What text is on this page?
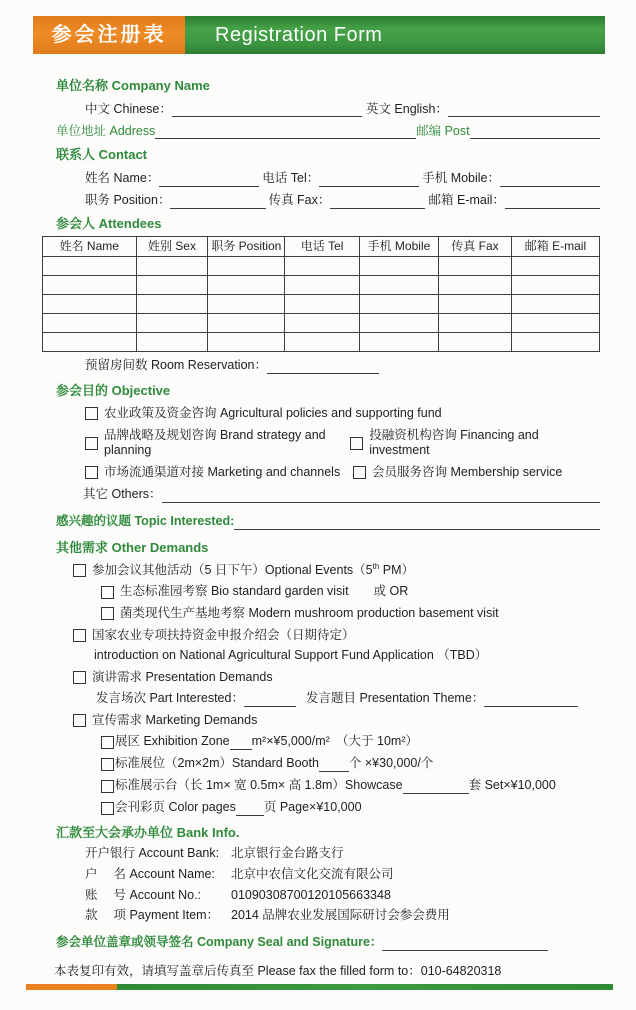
参会注册表	Registration Form
单位名称 Company Name
中文 Chinese：	英文 English：
单位地址 Address	邮编 Post
联系人 Contact
姓名 Name：	电话 Tel：	手机 Mobile：
职务 Position：	传真 Fax：	邮箱 E-mail：
参会人 Attendees
姓名 Name	姓别 Sex	职务 Position	电话 Tel	手机 Mobile	传真 Fax	邮箱 E-mail

预留房间数 Room Reservation：
参会目的 Objective
农业政策及资金咨询 Agricultural policies and supporting fund
品牌战略及规划咨询 Brand strategy and planning
投融资机构咨询 Financing and investment
市场流通渠道对接 Marketing and channels	会员服务咨询 Membership service
其它 Others：
感兴趣的议题 Topic Interested:
其他需求 Other Demands
参加会议其他活动（5 日下午）Optional Events（5th PM）
生态标准园考察 Bio standard garden visit　　或 OR
菌类现代生产基地考察 Modern mushroom production basement visit
国家农业专项扶持资金申报介绍会（日期待定）
introduction on National Agricultural Support Fund Application （TBD）
演讲需求 Presentation Demands
发言场次 Part Interested：	发言题目 Presentation Theme：
宣传需求 Marketing Demands
展区 Exhibition Zone m²×¥5,000/m²　（大于 10m²）
标准展位（2m×2m）Standard Booth 个 ×¥30,000/个
标准展示台（长 1m× 宽 0.5m× 高 1.8m）Showcase	套 Set×¥10,000
会刊彩页 Color pages 页 Page×¥10,000
汇款至大会承办单位 Bank Info.
开户银行 Account Bank: 北京银行金台路支行
户　 名 Account Name:	北京中农信文化交流有限公司
账　 号 Account No.:	01090308700120105663348
款　 项 Payment Item： 2014 品牌农业发展国际研讨会参会费用
参会单位盖章或领导签名 Company Seal and Signature：
本表复印有效，请填写盖章后传真至 Please fax the filled form to： 010-64820318
